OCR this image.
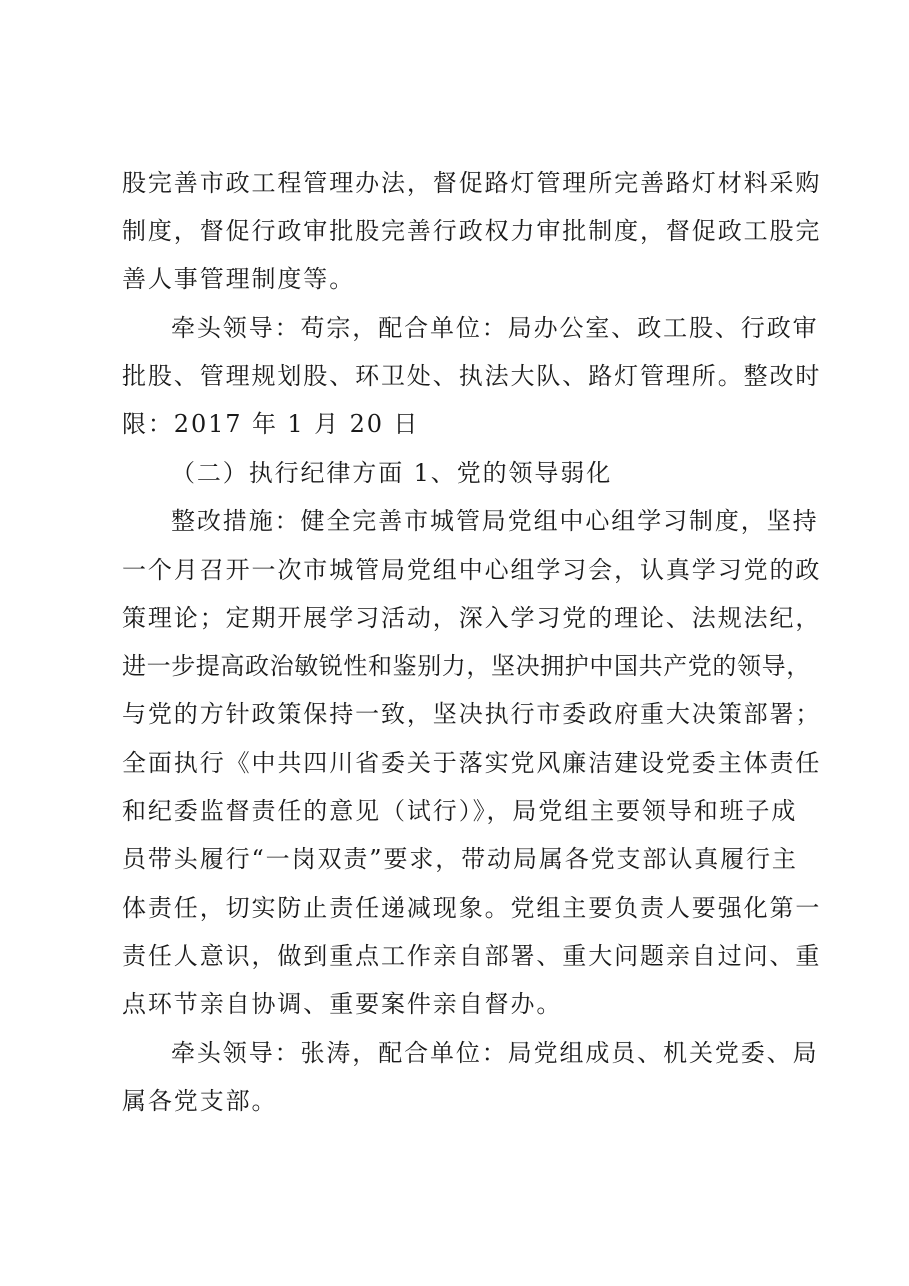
股完善市政工程管理办法，督促路灯管理所完善路灯材料采购
制度，督促行政审批股完善行政权力审批制度，督促政工股完
善人事管理制度等。
牵头领导：苟宗，配合单位：局办公室、政工股、行政审
批股、管理规划股、环卫处、执法大队、路灯管理所。整改时
限：2017 年 1 月 20 日
（二）执行纪律方面 1、党的领导弱化
整改措施：健全完善市城管局党组中心组学习制度，坚持
一个月召开一次市城管局党组中心组学习会，认真学习党的政
策理论；定期开展学习活动，深入学习党的理论、法规法纪，
进一步提高政治敏锐性和鉴别力，坚决拥护中国共产党的领导，
与党的方针政策保持一致，坚决执行市委政府重大决策部署；
全面执行《中共四川省委关于落实党风廉洁建设党委主体责任
和纪委监督责任的意见（试行）》，局党组主要领导和班子成
员带头履行“一岗双责”要求，带动局属各党支部认真履行主
体责任，切实防止责任递减现象。党组主要负责人要强化第一
责任人意识，做到重点工作亲自部署、重大问题亲自过问、重
点环节亲自协调、重要案件亲自督办。
牵头领导：张涛，配合单位：局党组成员、机关党委、局
属各党支部。
